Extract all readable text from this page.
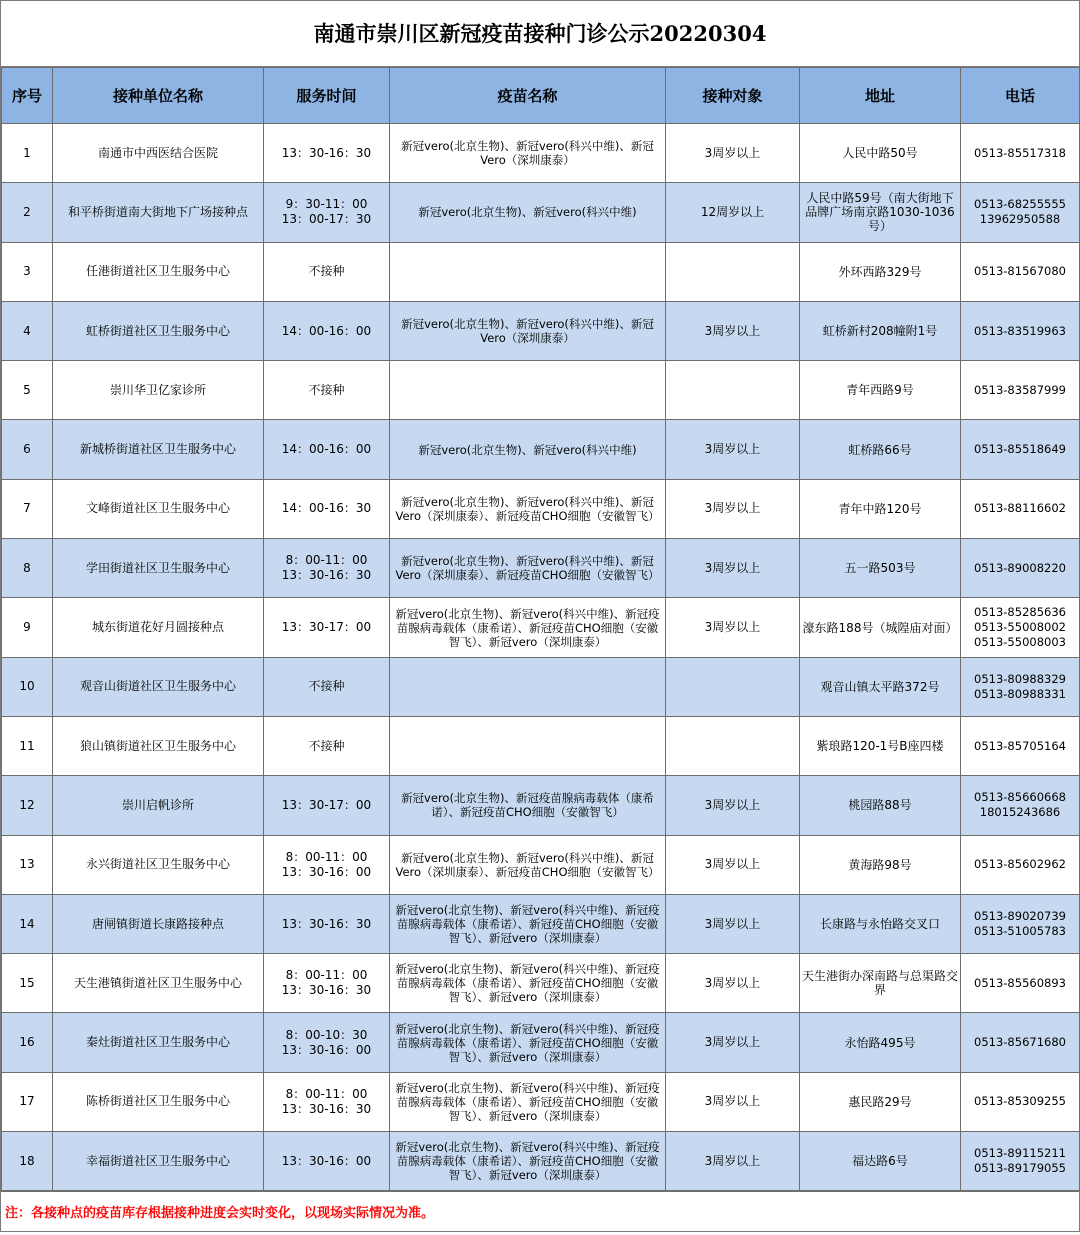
南通市崇川区新冠疫苗接种门诊公示20220304
序号	接种单位名称	服务时间	疫苗名称	接种对象	地址	电话
1	南通市中西医结合医院	13：30-16：30	新冠vero(北京生物)、新冠vero(科兴中维)、新冠Vero（深圳康泰）	3周岁以上	人民中路50号	0513-85517318

2	和平桥街道南大街地下广场接种点	9：30-11：00
13：00-17：30	新冠vero(北京生物)、新冠vero(科兴中维)	12周岁以上	人民中路59号（南大街地下品牌广场南京路1030-1036号）	0513-68255555
13962950588

3	任港街道社区卫生服务中心	不接种			外环西路329号	0513-81567080

4	虹桥街道社区卫生服务中心	14：00-16：00	新冠vero(北京生物)、新冠vero(科兴中维)、新冠Vero（深圳康泰）	3周岁以上	虹桥新村208幢附1号	0513-83519963

5	崇川华卫亿家诊所	不接种			青年西路9号	0513-83587999

6	新城桥街道社区卫生服务中心	14：00-16：00	新冠vero(北京生物)、新冠vero(科兴中维)	3周岁以上	虹桥路66号	0513-85518649

7	文峰街道社区卫生服务中心	14：00-16：30	新冠vero(北京生物)、新冠vero(科兴中维)、新冠Vero（深圳康泰）、新冠疫苗CHO细胞（安徽智飞）	3周岁以上	青年中路120号	0513-88116602

8	学田街道社区卫生服务中心	8：00-11：00
13：30-16：30	新冠vero(北京生物)、新冠vero(科兴中维)、新冠Vero（深圳康泰）、新冠疫苗CHO细胞（安徽智飞）	3周岁以上	五一路503号	0513-89008220

9	城东街道花好月圆接种点	13：30-17：00	新冠vero(北京生物)、新冠vero(科兴中维)、新冠疫苗腺病毒载体（康希诺）、新冠疫苗CHO细胞（安徽智飞）、新冠vero（深圳康泰）	3周岁以上	濠东路188号（城隍庙对面）	0513-85285636
0513-55008002
0513-55008003

10	观音山街道社区卫生服务中心	不接种			观音山镇太平路372号	0513-80988329
0513-80988331

11	狼山镇街道社区卫生服务中心	不接种			紫琅路120-1号B座四楼	0513-85705164

12	崇川启帆诊所	13：30-17：00	新冠vero(北京生物)、新冠疫苗腺病毒载体（康希诺）、新冠疫苗CHO细胞（安徽智飞）	3周岁以上	桃园路88号	0513-85660668
18015243686

13	永兴街道社区卫生服务中心	8：00-11：00
13：30-16：00	新冠vero(北京生物)、新冠vero(科兴中维)、新冠Vero（深圳康泰）、新冠疫苗CHO细胞（安徽智飞）	3周岁以上	黄海路98号	0513-85602962

14	唐闸镇街道长康路接种点	13：30-16：30	新冠vero(北京生物)、新冠vero(科兴中维)、新冠疫苗腺病毒载体（康希诺）、新冠疫苗CHO细胞（安徽智飞）、新冠vero（深圳康泰）	3周岁以上	长康路与永怡路交叉口	0513-89020739
0513-51005783

15	天生港镇街道社区卫生服务中心	8：00-11：00
13：30-16：30	新冠vero(北京生物)、新冠vero(科兴中维)、新冠疫苗腺病毒载体（康希诺）、新冠疫苗CHO细胞（安徽智飞）、新冠vero（深圳康泰）	3周岁以上	天生港街办深南路与总渠路交界	0513-85560893

16	秦灶街道社区卫生服务中心	8：00-10：30
13：30-16：00	新冠vero(北京生物)、新冠vero(科兴中维)、新冠疫苗腺病毒载体（康希诺）、新冠疫苗CHO细胞（安徽智飞）、新冠vero（深圳康泰）	3周岁以上	永怡路495号	0513-85671680

17	陈桥街道社区卫生服务中心	8：00-11：00
13：30-16：30	新冠vero(北京生物)、新冠vero(科兴中维)、新冠疫苗腺病毒载体（康希诺）、新冠疫苗CHO细胞（安徽智飞）、新冠vero（深圳康泰）	3周岁以上	惠民路29号	0513-85309255

18	幸福街道社区卫生服务中心	13：30-16：00	新冠vero(北京生物)、新冠vero(科兴中维)、新冠疫苗腺病毒载体（康希诺）、新冠疫苗CHO细胞（安徽智飞）、新冠vero（深圳康泰）	3周岁以上	福达路6号	0513-89115211
0513-89179055
注：各接种点的疫苗库存根据接种进度会实时变化，以现场实际情况为准。
